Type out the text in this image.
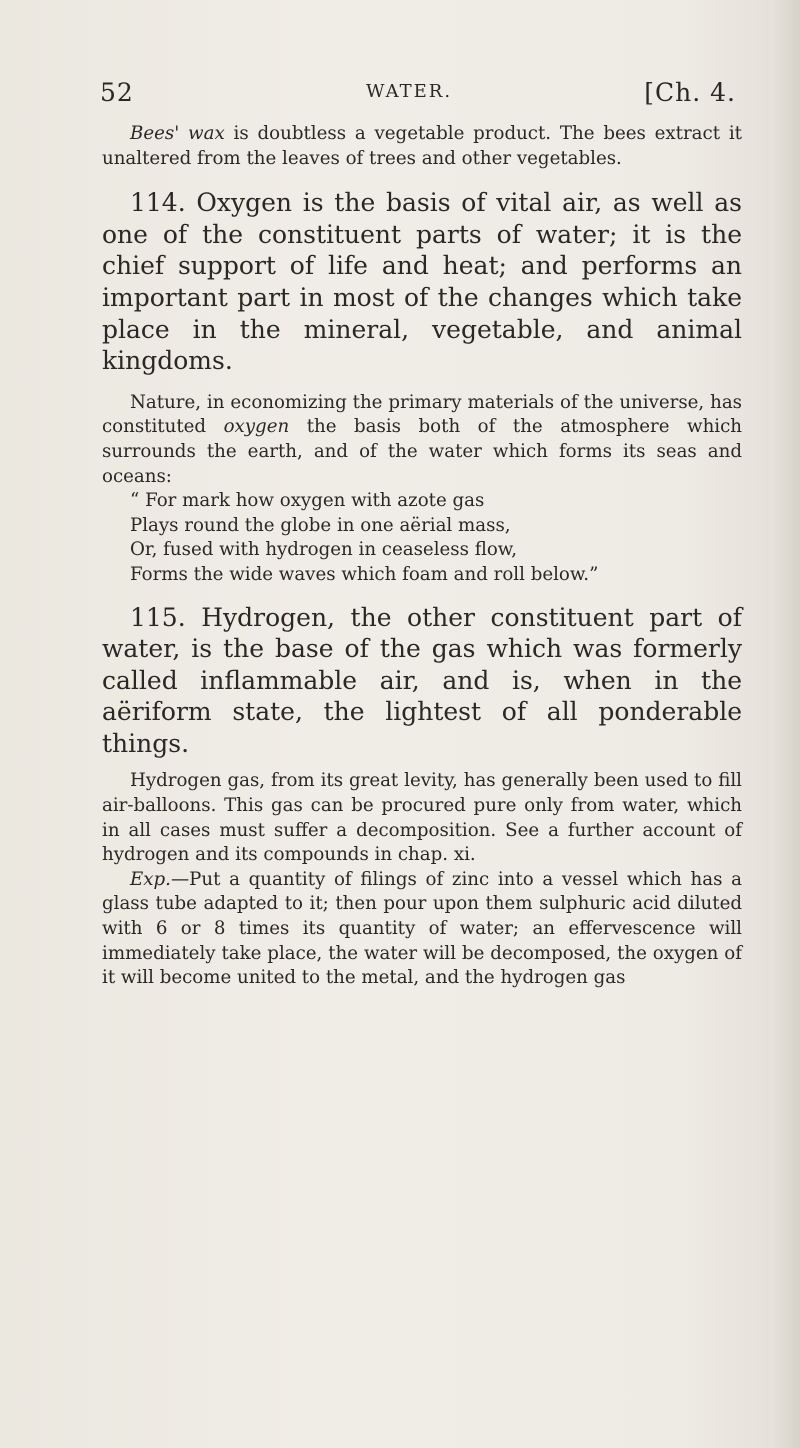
52	WATER.	[Ch. 4.

Bees' wax is doubtless a vegetable product. The bees extract it unaltered from the leaves of trees and other vegetables.

114. Oxygen is the basis of vital air, as well as one of the constituent parts of water; it is the chief support of life and heat; and performs an important part in most of the changes which take place in the mineral, vegetable, and animal kingdoms.

Nature, in economizing the primary materials of the universe, has constituted oxygen the basis both of the atmosphere which surrounds the earth, and of the water which forms its seas and oceans:

“ For mark how oxygen with azote gas
Plays round the globe in one aërial mass,
Or, fused with hydrogen in ceaseless flow,
Forms the wide waves which foam and roll below.”

115. Hydrogen, the other constituent part of water, is the base of the gas which was formerly called inflammable air, and is, when in the aëriform state, the lightest of all ponderable things.

Hydrogen gas, from its great levity, has generally been used to fill air-balloons. This gas can be procured pure only from water, which in all cases must suffer a decomposition. See a further account of hydrogen and its compounds in chap. xi.

Exp.—Put a quantity of filings of zinc into a vessel which has a glass tube adapted to it; then pour upon them sulphuric acid diluted with 6 or 8 times its quantity of water; an effervescence will immediately take place, the water will be decomposed, the oxygen of it will become united to the metal, and the hydrogen gas
